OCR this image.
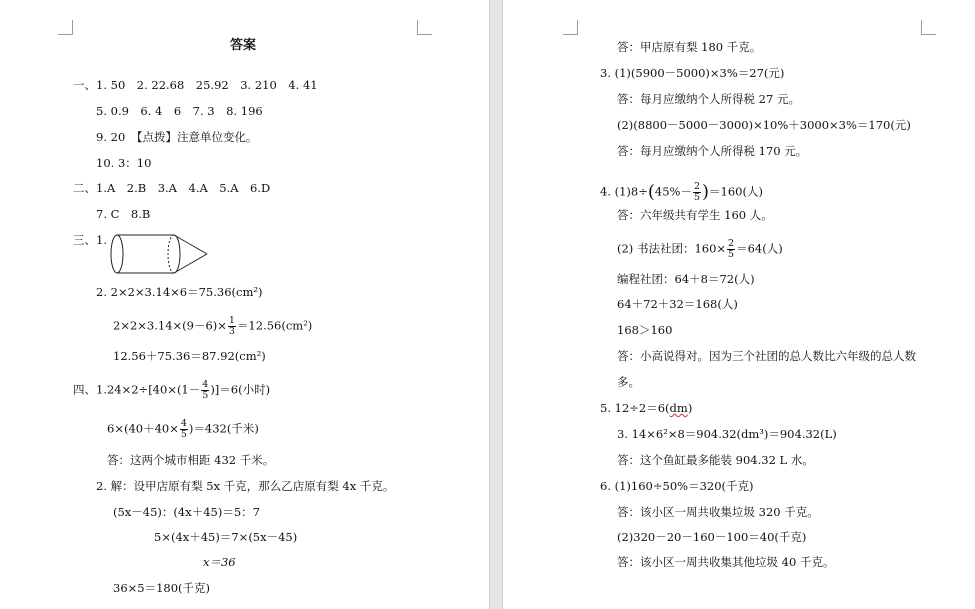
答案
一、1. 50　2. 22.68　25.92　3. 210　4. 41
5. 0.9　6. 4　6　7. 3　8. 196
9. 20　【点拨】注意单位变化。
10. 3：10
二、1.A　2.B　3.A　4.A　5.A　6.D
7. C　8.B
三、1.
2. 2×2×3.14×6＝75.36(cm²)
$2\times 2\times 3.14\times(9-6)\times \frac{1}{3} =12.56(cm^2)$
12.56＋75.36＝87.92(cm²)
四、$1.24\times 2\div[40\times(1- \frac{4}{5} )]=6$(小时)
$6\times(40+40\times \frac{4}{5} )=432$(千米)
答：这两个城市相距 432 千米。
2. 解：设甲店原有梨 5x 千克，那么乙店原有梨 4x 千克。
(5x－45)：(4x＋45)＝5：7
5×(4x＋45)＝7×(5x－45)
x＝36
36×5＝180(千克)
答：甲店原有梨 180 千克。
3. (1)(5900－5000)×3%＝27(元)
答：每月应缴纳个人所得税 27 元。
(2)(8800－5000－3000)×10%＋3000×3%＝170(元)
答：每月应缴纳个人所得税 170 元。
4. $(1)8\div(45\%- \frac{2}{5} )=160$(人)
答：六年级共有学生 160 人。
(2) 书法社团：$160\times \frac{2}{5} =64$(人)
编程社团：64＋8＝72(人)
64＋72＋32＝168(人)
168＞160
答：小高说得对。因为三个社团的总人数比六年级的总人数
多。
5. 12÷2＝6(dm)
3. 14×6²×8＝904.32(dm³)＝904.32(L)
答：这个鱼缸最多能装 904.32 L 水。
6. (1)160÷50%＝320(千克)
答：该小区一周共收集垃圾 320 千克。
(2)320－20－160－100＝40(千克)
答：该小区一周共收集其他垃圾 40 千克。
